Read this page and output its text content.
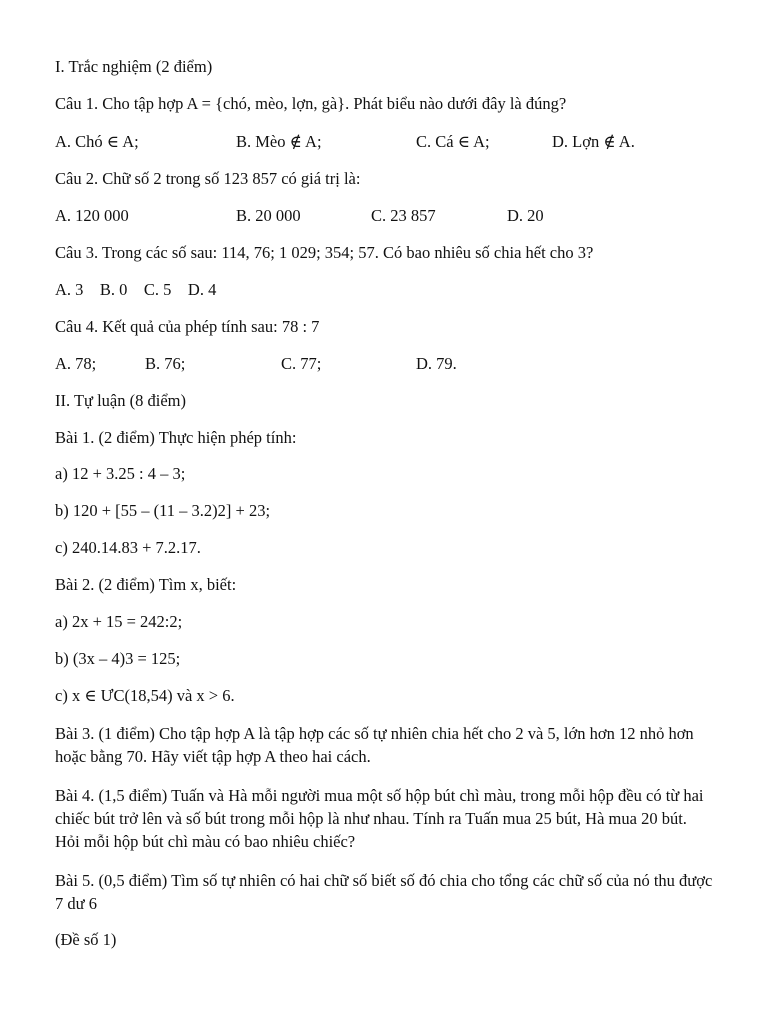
I. Trắc nghiệm (2 điểm)
Câu 1. Cho tập hợp A = {chó, mèo, lợn, gà}. Phát biểu nào dưới đây là đúng?
A. Chó ∈ A;	B. Mèo ∉ A;	C. Cá ∈ A;	D. Lợn ∉ A.
Câu 2. Chữ số 2 trong số 123 857 có giá trị là:
A. 120 000	B. 20 000	C. 23 857	D. 20
Câu 3. Trong các số sau: 114, 76; 1 029; 354; 57. Có bao nhiêu số chia hết cho 3?
A. 3    B. 0    C. 5    D. 4
Câu 4. Kết quả của phép tính sau: 78 : 7
A. 78;	B. 76;	C. 77;	D. 79.
II. Tự luận (8 điểm)
Bài 1. (2 điểm) Thực hiện phép tính:
a) 12 + 3.25 : 4 – 3;
b) 120 + [55 – (11 – 3.2)2] + 23;
c) 240.14.83 + 7.2.17.
Bài 2. (2 điểm) Tìm x, biết:
a) 2x + 15 = 242:2;
b) (3x – 4)3 = 125;
c) x ∈ ƯC(18,54) và x > 6.
Bài 3. (1 điểm) Cho tập hợp A là tập hợp các số tự nhiên chia hết cho 2 và 5, lớn hơn 12 nhỏ hơn hoặc bằng 70. Hãy viết tập hợp A theo hai cách.
Bài 4. (1,5 điểm) Tuấn và Hà mỗi người mua một số hộp bút chì màu, trong mỗi hộp đều có từ hai chiếc bút trở lên và số bút trong mỗi hộp là như nhau. Tính ra Tuấn mua 25 bút, Hà mua 20 bút. Hỏi mỗi hộp bút chì màu có bao nhiêu chiếc?
Bài 5. (0,5 điểm) Tìm số tự nhiên có hai chữ số biết số đó chia cho tổng các chữ số của nó thu được 7 dư 6
(Đề số 1)
